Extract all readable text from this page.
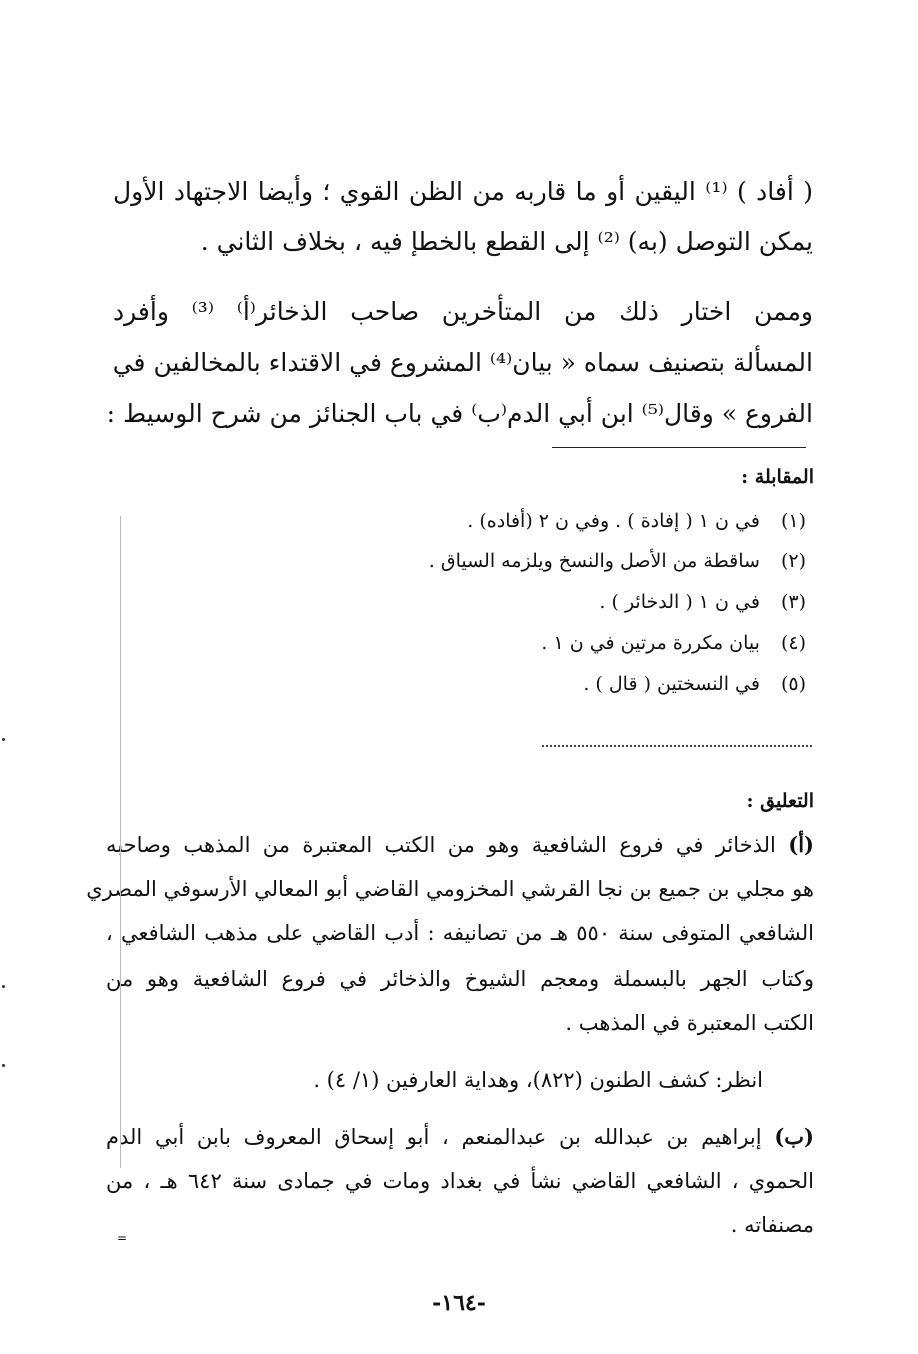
( أفاد ) ⁽¹⁾ اليقين أو ما قاربه من الظن القوي ؛ وأيضا الاجتهاد الأول
يمكن التوصل (به) ⁽²⁾ إلى القطع بالخطإ فيه ، بخلاف الثاني .
وممن اختار ذلك من المتأخرين صاحب الذخائر⁽أ⁾ ⁽³⁾ وأفرد
المسألة بتصنيف سماه « بيان⁽⁴⁾ المشروع في الاقتداء بالمخالفين في
الفروع » وقال⁽⁵⁾ ابن أبي الدم⁽ب⁾ في باب الجنائز من شرح الوسيط :
المقابلة :
(١) في ن ١ ( إفادة ) . وفي ن ٢ (أفاده) .
(٢) ساقطة من الأصل والنسخ ويلزمه السياق .
(٣) في ن ١ ( الدخائر ) .
(٤) بيان مكررة مرتين في ن ١ .
(٥) في النسختين ( قال ) .
التعليق :
(أ) الذخائر في فروع الشافعية وهو من الكتب المعتبرة من المذهب وصاحبه
هو مجلي بن جميع بن نجا القرشي المخزومي القاضي أبو المعالي الأرسوفي المصري
الشافعي المتوفى سنة ٥٥٠ هـ من تصانيفه : أدب القاضي على مذهب الشافعي ،
وكتاب الجهر بالبسملة ومعجم الشيوخ والذخائر في فروع الشافعية وهو من
الكتب المعتبرة في المذهب .
انظر: كشف الطنون (٨٢٢)، وهداية العارفين (١/ ٤) .
(ب) إبراهيم بن عبدالله بن عبدالمنعم ، أبو إسحاق المعروف بابن أبي الدم
الحموي ، الشافعي القاضي نشأ في بغداد ومات في جمادى سنة ٦٤٢ هـ ، من
مصنفاته .
=
-١٦٤-
